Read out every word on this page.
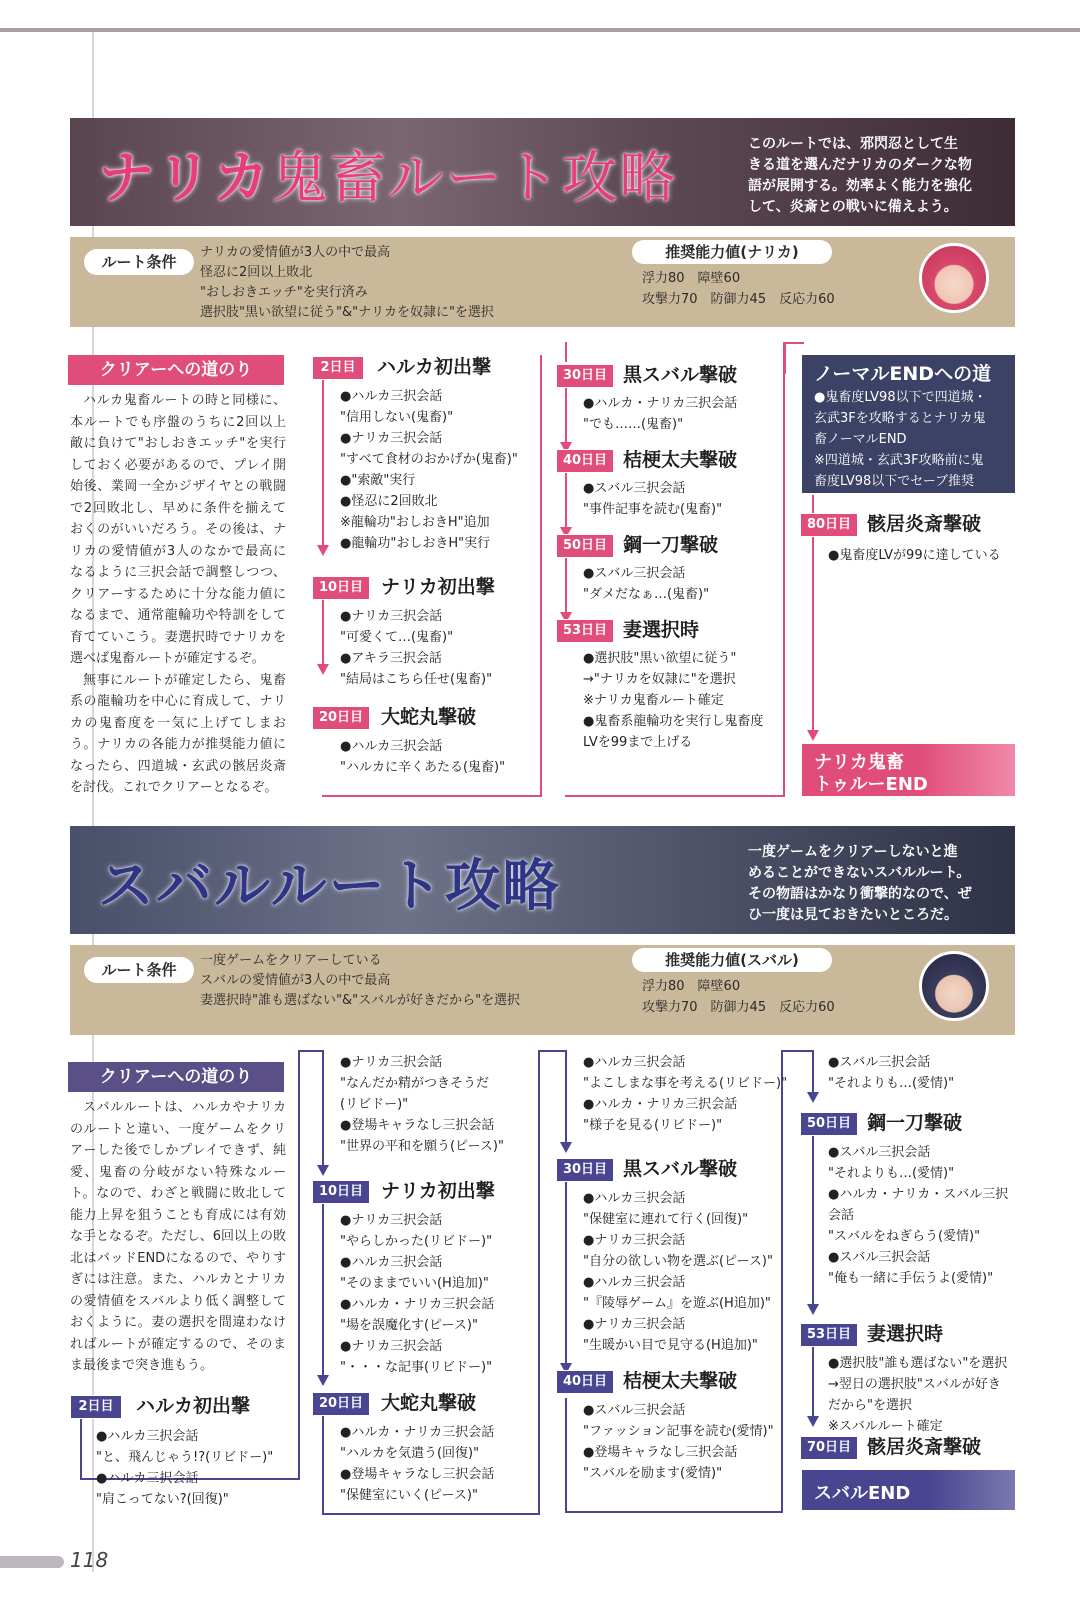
ナリカ鬼畜ルート攻略
このルートでは、邪閃忍として生
きる道を選んだナリカのダークな物
語が展開する。効率よく能力を強化
して、炎斎との戦いに備えよう。
ルート条件
ナリカの愛情値が3人の中で最高
怪忍に2回以上敗北
"おしおきエッチ"を実行済み
選択肢"黒い欲望に従う"&"ナリカを奴隷に"を選択
推奨能力値(ナリカ)
浮力80　障壁60
攻撃力70　防御力45　反応力60
クリアーへの道のり
ハルカ鬼畜ルートの時と同様に、本ルートでも序盤のうちに2回以上敵に負けて"おしおきエッチ"を実行しておく必要があるので、プレイ開始後、業岡一全かジザイヤとの戦闘で2回敗北し、早めに条件を揃えておくのがいいだろう。その後は、ナリカの愛情値が3人のなかで最高になるように三択会話で調整しつつ、クリアーするために十分な能力値になるまで、通常龍輪功や特訓をして育てていこう。妻選択時でナリカを選べば鬼畜ルートが確定するぞ。
無事にルートが確定したら、鬼畜系の龍輪功を中心に育成して、ナリカの鬼畜度を一気に上げてしまおう。ナリカの各能力が推奨能力値になったら、四道城・玄武の骸居炎斎を討伐。これでクリアーとなるぞ。
2日目	ハルカ初出撃
●ハルカ三択会話
"信用しない(鬼畜)"
●ナリカ三択会話
"すべて食材のおかげか(鬼畜)"
●"索敵"実行
●怪忍に2回敗北
※龍輪功"おしおきH"追加
●龍輪功"おしおきH"実行
10日目 ナリカ初出撃
●ナリカ三択会話
"可愛くて…(鬼畜)"
●アキラ三択会話
"結局はこちら任せ(鬼畜)"
20日目 大蛇丸撃破
●ハルカ三択会話
"ハルカに辛くあたる(鬼畜)"
30日目 黒スバル撃破
●ハルカ・ナリカ三択会話
"でも……(鬼畜)"
40日目 桔梗太夫撃破
●スバル三択会話
"事件記事を読む(鬼畜)"
50日目 鋼一刀撃破
●スバル三択会話
"ダメだなぁ…(鬼畜)"
53日目 妻選択時
●選択肢"黒い欲望に従う"
→"ナリカを奴隷に"を選択
※ナリカ鬼畜ルート確定
●鬼畜系龍輪功を実行し鬼畜度
LVを99まで上げる
ノーマルENDへの道
●鬼畜度LV98以下で四道城・
玄武3Fを攻略するとナリカ鬼
畜ノーマルEND
※四道城・玄武3F攻略前に鬼
畜度LV98以下でセーブ推奨
80日目 骸居炎斎撃破
●鬼畜度LVが99に達している
ナリカ鬼畜
トゥルーEND
スバルルート攻略
一度ゲームをクリアーしないと進
めることができないスバルルート。
その物語はかなり衝撃的なので、ぜ
ひ一度は見ておきたいところだ。
ルート条件
一度ゲームをクリアーしている
スバルの愛情値が3人の中で最高
妻選択時"誰も選ばない"&"スバルが好きだから"を選択
推奨能力値(スバル)
浮力80　障壁60
攻撃力70　防御力45　反応力60
クリアーへの道のり
スバルルートは、ハルカやナリカのルートと違い、一度ゲームをクリアーした後でしかプレイできず、純愛、鬼畜の分岐がない特殊なルート。なので、わざと戦闘に敗北して能力上昇を狙うことも育成には有効な手となるぞ。ただし、6回以上の敗北はバッドENDになるので、やりすぎには注意。また、ハルカとナリカの愛情値をスバルより低く調整しておくように。妻の選択を間違わなければルートが確定するので、そのまま最後まで突き進もう。
2日目	ハルカ初出撃
●ハルカ三択会話
"と、飛んじゃう!?(リビドー)"
●ハルカ三択会話
"肩こってない?(回復)"
●ナリカ三択会話
"なんだか精がつきそうだ
(リビドー)"
●登場キャラなし三択会話
"世界の平和を願う(ピース)"
10日目 ナリカ初出撃
●ナリカ三択会話
"やらしかった(リビドー)"
●ハルカ三択会話
"そのままでいい(H追加)"
●ハルカ・ナリカ三択会話
"場を誤魔化す(ピース)"
●ナリカ三択会話
"・・・な記事(リビドー)"
20日目 大蛇丸撃破
●ハルカ・ナリカ三択会話
"ハルカを気遣う(回復)"
●登場キャラなし三択会話
"保健室にいく(ピース)"
●ハルカ三択会話
"よこしまな事を考える(リビドー)"
●ハルカ・ナリカ三択会話
"様子を見る(リビドー)"
30日目 黒スバル撃破
●ハルカ三択会話
"保健室に連れて行く(回復)"
●ナリカ三択会話
"自分の欲しい物を選ぶ(ピース)"
●ハルカ三択会話
"『陵辱ゲーム』を遊ぶ(H追加)"
●ナリカ三択会話
"生暖かい目で見守る(H追加)"
40日目 桔梗太夫撃破
●スバル三択会話
"ファッション記事を読む(愛情)"
●登場キャラなし三択会話
"スバルを励ます(愛情)"
●スバル三択会話
"それよりも…(愛情)"
50日目 鋼一刀撃破
●スバル三択会話
"それよりも…(愛情)"
●ハルカ・ナリカ・スバル三択
会話
"スバルをねぎらう(愛情)"
●スバル三択会話
"俺も一緒に手伝うよ(愛情)"
53日目 妻選択時
●選択肢"誰も選ばない"を選択
→翌日の選択肢"スバルが好き
だから"を選択
※スバルルート確定
70日目 骸居炎斎撃破
スバルEND
118
